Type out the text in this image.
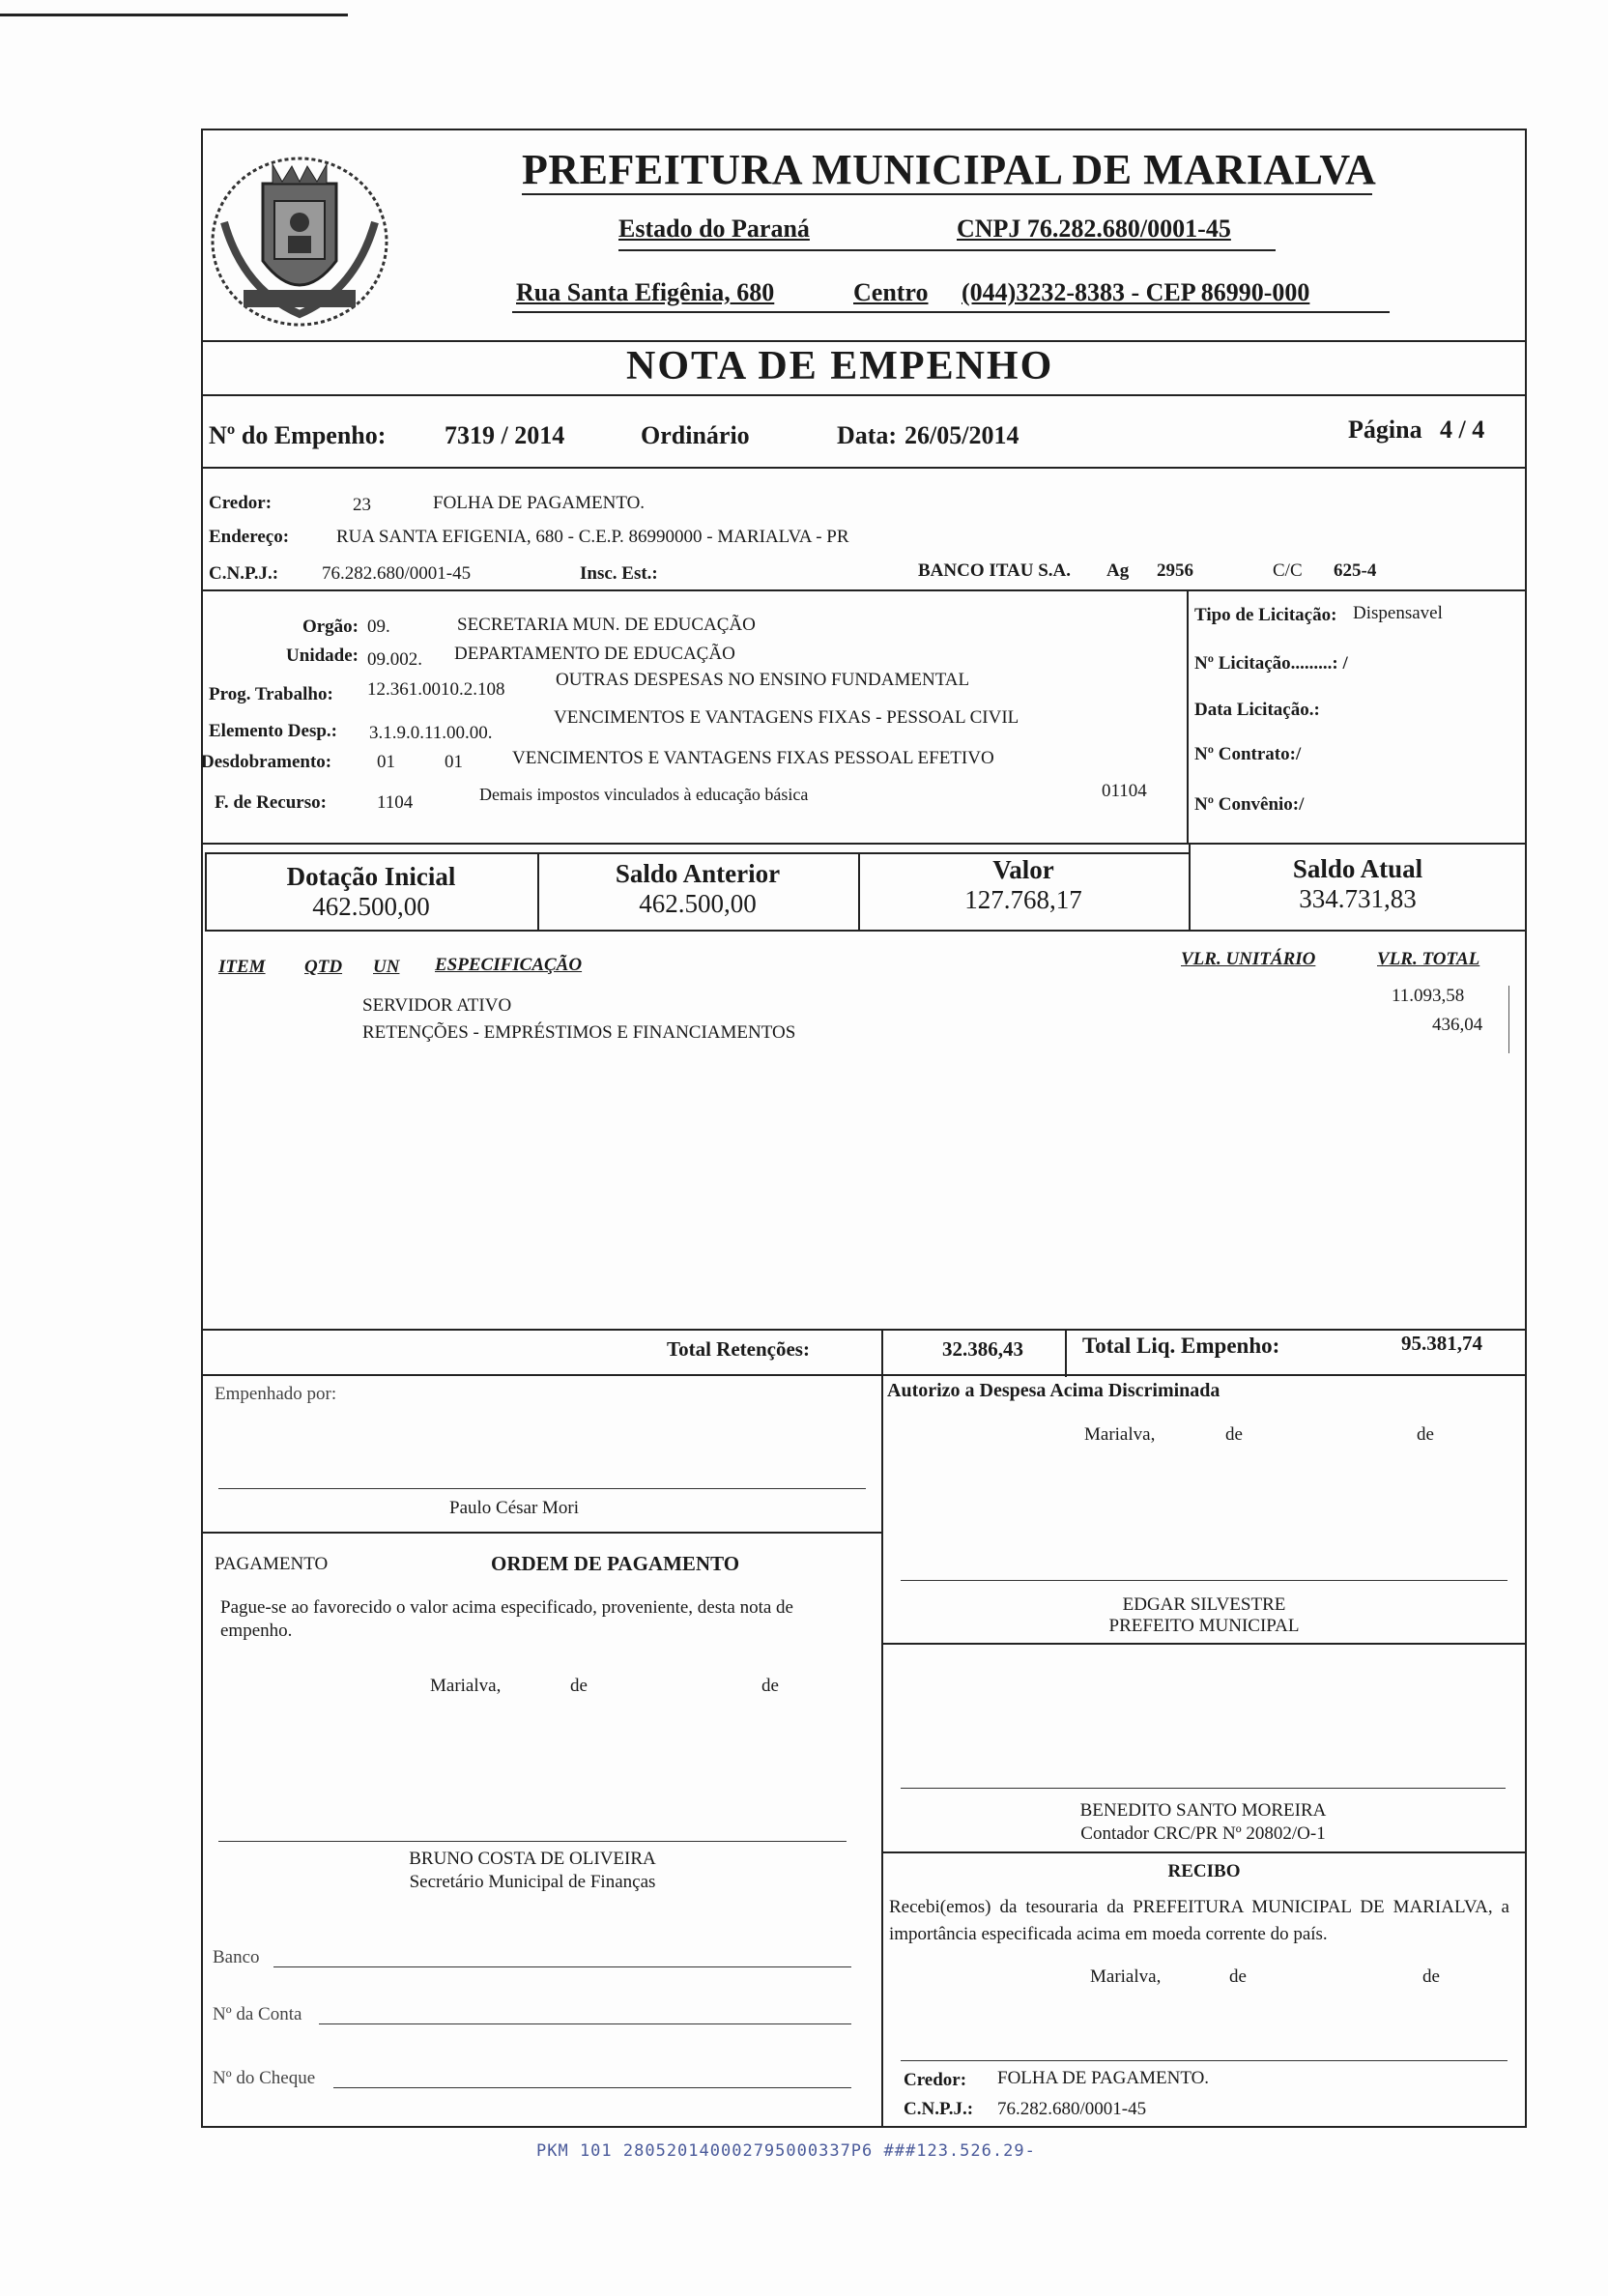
PREFEITURA MUNICIPAL DE MARIALVA
Estado do Paraná	CNPJ 76.282.680/0001-45
Rua Santa Efigênia, 680	Centro (044)3232-8383 - CEP 86990-000
NOTA DE EMPENHO
Nº do Empenho: 7319 / 2014	Ordinário	Data: 26/05/2014	Página 4 / 4
Credor:	23	FOLHA DE PAGAMENTO.
Endereço:	RUA SANTA EFIGENIA, 680 - C.E.P. 86990000 - MARIALVA - PR
C.N.P.J.: 76.282.680/0001-45	Insc. Est.:	BANCO ITAU S.A. Ag 2956	C/C 625-4
Orgão: 09.	SECRETARIA MUN. DE EDUCAÇÃO
Unidade: 09.002. DEPARTAMENTO DE EDUCAÇÃO
Prog. Trabalho: 12.361.0010.2.108	OUTRAS DESPESAS NO ENSINO FUNDAMENTAL
Elemento Desp.: 3.1.9.0.11.00.00.
VENCIMENTOS E VANTAGENS FIXAS - PESSOAL CIVIL
Desdobramento: 01	01	VENCIMENTOS E VANTAGENS FIXAS PESSOAL EFETIVO
F. de Recurso:	1104	Demais impostos vinculados à educação básica	01104
Tipo de Licitação: Dispensavel
Nº Licitação.........: /
Data Licitação.:
Nº Contrato:/
Nº Convênio:/
Dotação Inicial
462.500,00
Saldo Anterior
462.500,00
Valor
127.768,17
Saldo Atual
334.731,83
ITEM QTD UN ESPECIFICAÇÃO	VLR. UNITÁRIO	VLR. TOTAL
SERVIDOR ATIVO	11.093,58
RETENÇÕES - EMPRÉSTIMOS E FINANCIAMENTOS	436,04
Total Retenções:	32.386,43	Total Liq. Empenho:	95.381,74
Empenhado por:
Paulo César Mori
PAGAMENTO	ORDEM DE PAGAMENTO
Pague-se ao favorecido o valor acima especificado, proveniente, desta nota de empenho.
Marialva,	de	de
BRUNO COSTA DE OLIVEIRA
Secretário Municipal de Finanças
Banco
Nº da Conta
Nº do Cheque
Autorizo a Despesa Acima Discriminada
Marialva,	de	de
EDGAR SILVESTRE
PREFEITO MUNICIPAL
BENEDITO SANTO MOREIRA
Contador CRC/PR Nº 20802/O-1
RECIBO
Recebi(emos) da tesouraria da PREFEITURA MUNICIPAL DE MARIALVA, a importância especificada acima em moeda corrente do país.
Marialva,	de	de
Credor: FOLHA DE PAGAMENTO.
C.N.P.J.: 76.282.680/0001-45
PKM 101 280520140002795000337P6 ###123.526.29-
